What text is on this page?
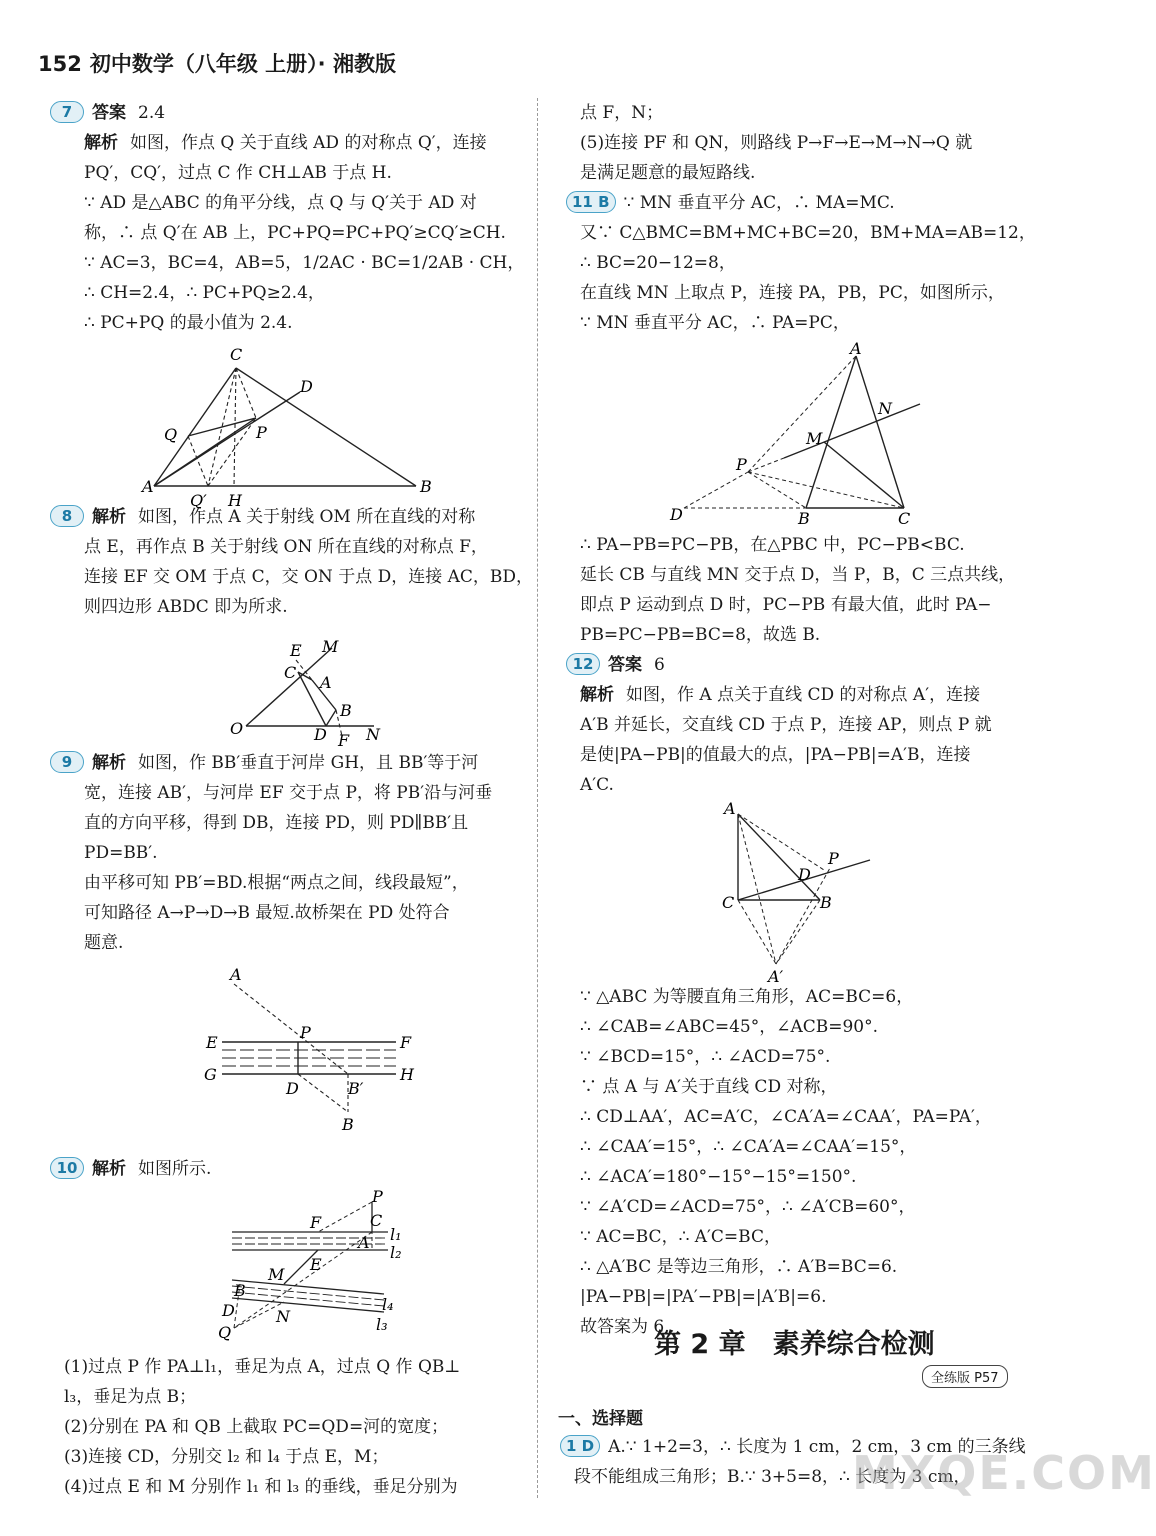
152 初中数学（八年级 上册）· 湘教版
7 答案 2.4
解析 如图，作点 Q 关于直线 AD 的对称点 Q′，连接
PQ′，CQ′，过点 C 作 CH⊥AB 于点 H.
∵ AD 是△ABC 的角平分线，点 Q 与 Q′关于 AD 对
称，∴ 点 Q′在 AB 上，PC+PQ=PC+PQ′≥CQ′≥CH.
∵ AC=3，BC=4，AB=5，1/2AC · BC=1/2AB · CH，
∴ CH=2.4，∴ PC+PQ≥2.4，
∴ PC+PQ 的最小值为 2.4.
C
D
Q	P
A	B
Q′ H
8 解析 如图，作点 A 关于射线 OM 所在直线的对称
点 E，再作点 B 关于射线 ON 所在直线的对称点 F，
连接 EF 交 OM 于点 C，交 ON 于点 D，连接 AC，BD，
则四边形 ABDC 即为所求.
E M
C
A
B
O	D F N
9 解析 如图，作 BB′垂直于河岸 GH，且 BB′等于河
宽，连接 AB′，与河岸 EF 交于点 P，将 PB′沿与河垂
直的方向平移，得到 DB，连接 PD，则 PD∥BB′且
PD=BB′.
由平移可知 PB′=BD.根据“两点之间，线段最短”，
可知路径 A→P→D→B 最短.故桥架在 PD 处符合
题意.
A
E
P
F
G	H
D	B′
B
10 解析 如图所示.
P
C
F
A l₁
l₂
E
M
B
D	N
Q
l₄
l₃
(1)过点 P 作 PA⊥l₁，垂足为点 A，过点 Q 作 QB⊥
l₃，垂足为点 B；
(2)分别在 PA 和 QB 上截取 PC=QD=河的宽度；
(3)连接 CD，分别交 l₂ 和 l₄ 于点 E，M；
(4)过点 E 和 M 分别作 l₁ 和 l₃ 的垂线，垂足分别为
点 F，N；
(5)连接 PF 和 QN，则路线 P→F→E→M→N→Q 就
是满足题意的最短路线.
11 B ∵ MN 垂直平分 AC，∴ MA=MC.
又∵ C△BMC=BM+MC+BC=20，BM+MA=AB=12，
∴ BC=20−12=8，
在直线 MN 上取点 P，连接 PA，PB，PC，如图所示，
∵ MN 垂直平分 AC，∴ PA=PC，
A
N
M
P
D	B	C
∴ PA−PB=PC−PB，在△PBC 中，PC−PB<BC.
延长 CB 与直线 MN 交于点 D，当 P，B，C 三点共线，
即点 P 运动到点 D 时，PC−PB 有最大值，此时 PA−
PB=PC−PB=BC=8，故选 B.
12 答案 6
解析 如图，作 A 点关于直线 CD 的对称点 A′，连接
A′B 并延长，交直线 CD 于点 P，连接 AP，则点 P 就
是使|PA−PB|的值最大的点，|PA−PB|=A′B，连接
A′C.
A
P
D
C	B
A′
∵ △ABC 为等腰直角三角形，AC=BC=6，
∴ ∠CAB=∠ABC=45°，∠ACB=90°.
∵ ∠BCD=15°，∴ ∠ACD=75°.
∵ 点 A 与 A′关于直线 CD 对称，
∴ CD⊥AA′，AC=A′C，∠CA′A=∠CAA′，PA=PA′，
∴ ∠CAA′=15°，∴ ∠CA′A=∠CAA′=15°，
∴ ∠ACA′=180°−15°−15°=150°.
∵ ∠A′CD=∠ACD=75°，∴ ∠A′CB=60°，
∵ AC=BC，∴ A′C=BC，
∴ △A′BC 是等边三角形，∴ A′B=BC=6.
|PA−PB|=|PA′−PB|=|A′B|=6.
故答案为 6.
第 2 章　素养综合检测
全练版 P57
一、选择题
1 D A.∵ 1+2=3，∴ 长度为 1 cm，2 cm，3 cm 的三条线
段不能组成三角形；B.∵ 3+5=8，∴ 长度为 3 cm，
MXQE.COM
